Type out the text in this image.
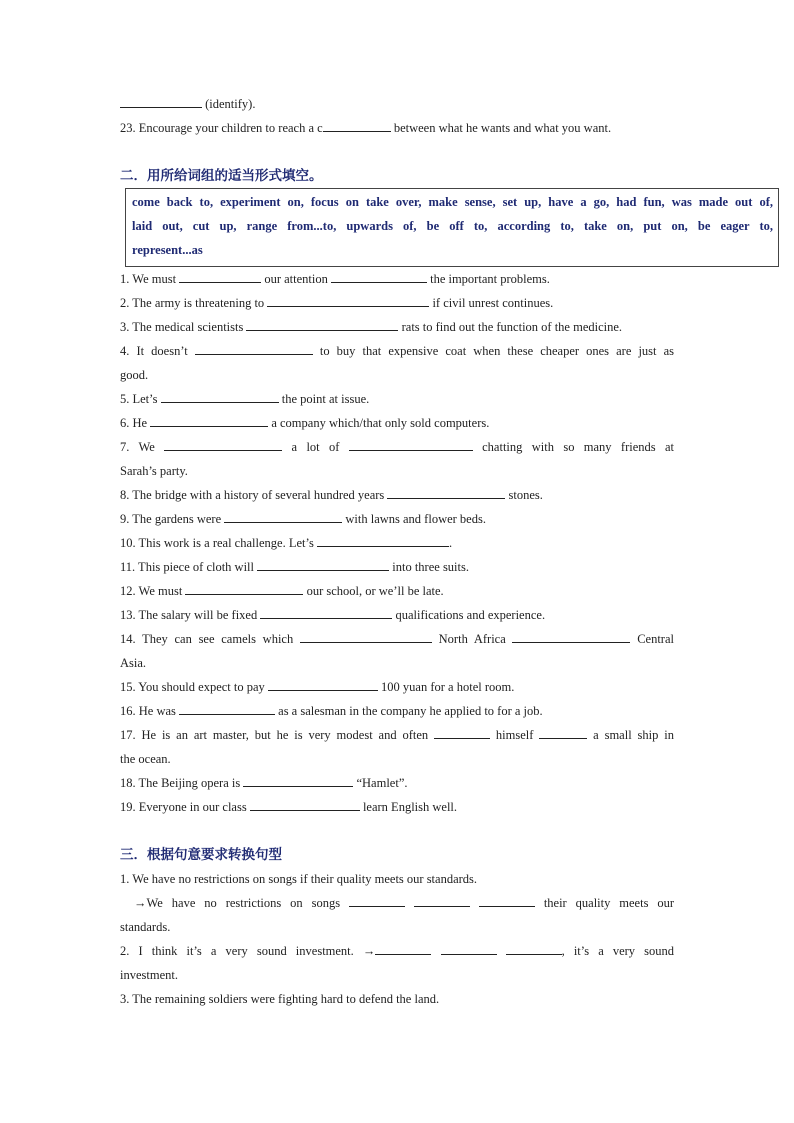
(identify).
23. Encourage your children to reach a c	between what he wants and what you want.
二．用所给词组的适当形式填空。
come back to, experiment on, focus on take over, make sense, set up, have a go, had fun, was made out of,
laid out, cut up, range from...to, upwards of, be off to, according to, take on, put on, be eager to,
represent...as
1. We must	our attention	the important problems.
2. The army is threatening to	if civil unrest continues.
3. The medical scientists	rats to find out the function of the medicine.
4. It doesn’t	to buy that expensive coat when these cheaper ones are just as
good.
5. Let’s	the point at issue.
6. He	a company which/that only sold computers.
7. We	a lot of	chatting with so many friends at
Sarah’s party.
8. The bridge with a history of several hundred years	stones.
9. The gardens were	with lawns and flower beds.
10. This work is a real challenge. Let’s	.
11. This piece of cloth will	into three suits.
12. We must	our school, or we’ll be late.
13. The salary will be fixed	qualifications and experience.
14. They can see camels which	North Africa	Central
Asia.
15. You should expect to pay	100 yuan for a hotel room.
16. He was	as a salesman in the company he applied to for a job.
17. He is an art master, but he is very modest and often	himself	a small ship in
the ocean.
18. The Beijing opera is	“Hamlet”.
19. Everyone in our class	learn English well.
三．根据句意要求转换句型
1. We have no restrictions on songs if their quality meets our standards.
→We have no restrictions on songs	their quality meets our
standards.
2. I think it’s a very sound investment. →	, it’s a very sound
investment.
3. The remaining soldiers were fighting hard to defend the land.
